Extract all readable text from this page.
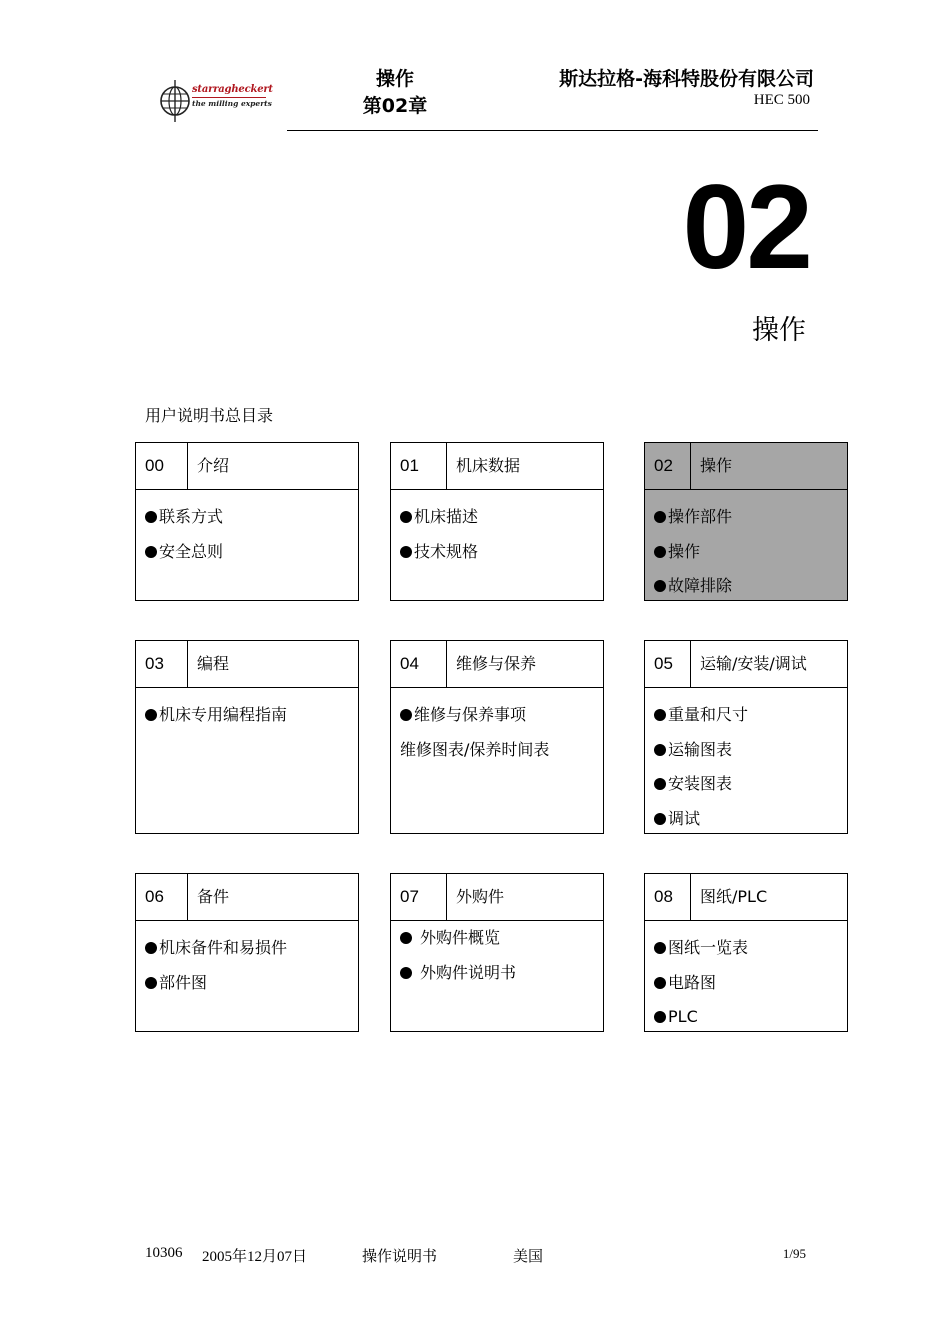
starragheckert
the milling experts
操作
第02章
斯达拉格-海科特股份有限公司
HEC 500
02
操作
用户说明书总目录
00	介绍
联系方式
安全总则
01	机床数据
机床描述
技术规格
02	操作
操作部件
操作
故障排除
03	编程
机床专用编程指南
04	维修与保养
维修与保养事项
维修图表/保养时间表
05	运输/安装/调试
重量和尺寸
运输图表
安装图表
调试
06	备件
机床备件和易损件
部件图
07	外购件
外购件概览
外购件说明书
08	图纸/PLC
图纸一览表
电路图
PLC
10306 2005年12月07日	操作说明书	美国	1/95
